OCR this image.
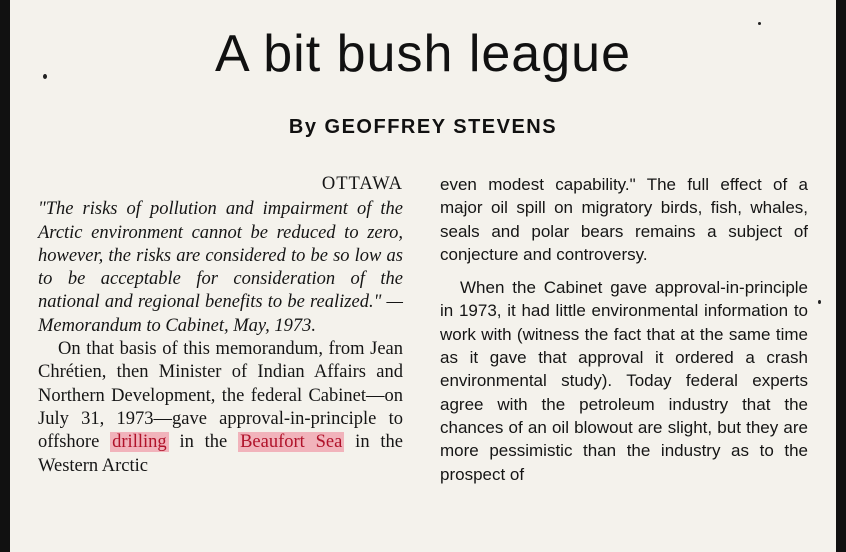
A bit bush league
By GEOFFREY STEVENS
OTTAWA

"The risks of pollution and impairment of the Arctic environment cannot be reduced to zero, however, the risks are considered to be so low as to be acceptable for consideration of the national and regional benefits to be realized." — Memorandum to Cabinet, May, 1973.

On that basis of this memorandum, from Jean Chrétien, then Minister of Indian Affairs and Northern Development, the federal Cabinet—on July 31, 1973—gave approval-in-principle to offshore drilling in the Beaufort Sea in the Western Arctic

even modest capability." The full effect of a major oil spill on migratory birds, fish, whales, seals and polar bears remains a subject of conjecture and controversy.

When the Cabinet gave approval-in-principle in 1973, it had little environmental information to work with (witness the fact that at the same time as it gave that approval it ordered a crash environmental study). Today federal experts agree with the petroleum industry that the chances of an oil blowout are slight, but they are more pessimistic than the industry as to the prospect of
